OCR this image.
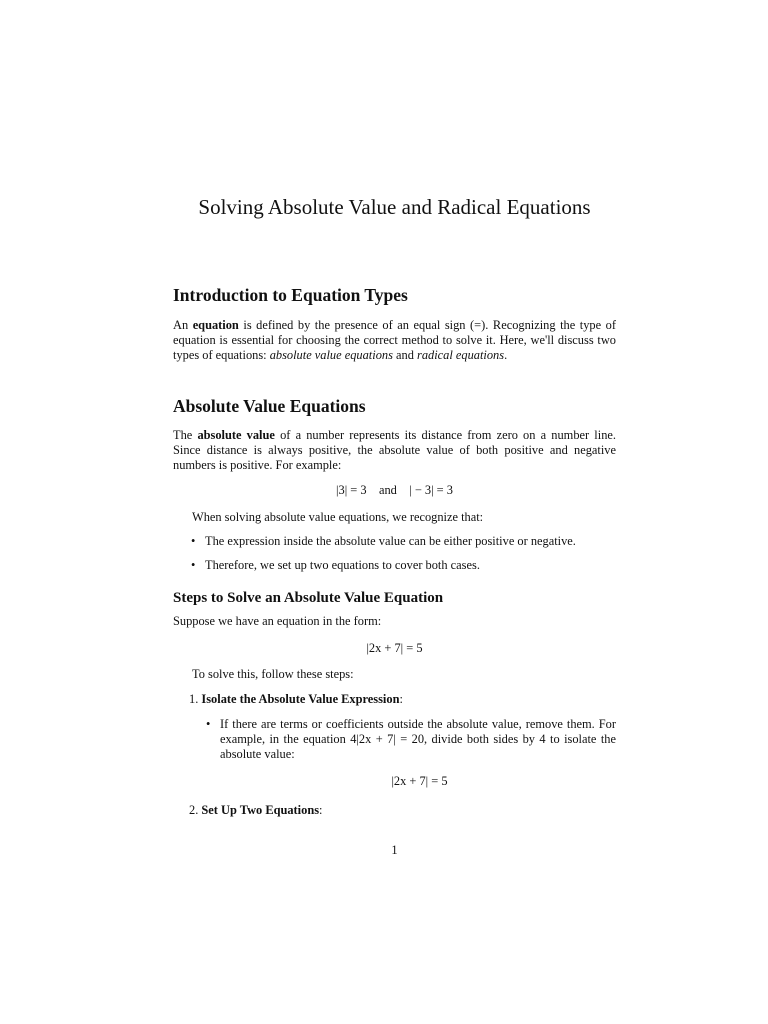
Solving Absolute Value and Radical Equations
Introduction to Equation Types
An equation is defined by the presence of an equal sign (=). Recognizing the type of equation is essential for choosing the correct method to solve it. Here, we'll discuss two types of equations: absolute value equations and radical equations.
Absolute Value Equations
The absolute value of a number represents its distance from zero on a number line. Since distance is always positive, the absolute value of both positive and negative numbers is positive. For example:
|3| = 3    and    | − 3| = 3
When solving absolute value equations, we recognize that:
• The expression inside the absolute value can be either positive or negative.
• Therefore, we set up two equations to cover both cases.
Steps to Solve an Absolute Value Equation
Suppose we have an equation in the form:
|2x + 7| = 5
To solve this, follow these steps:
1. Isolate the Absolute Value Expression:
• If there are terms or coefficients outside the absolute value, remove them. For example, in the equation 4|2x + 7| = 20, divide both sides by 4 to isolate the absolute value:
|2x + 7| = 5
2. Set Up Two Equations:
1
